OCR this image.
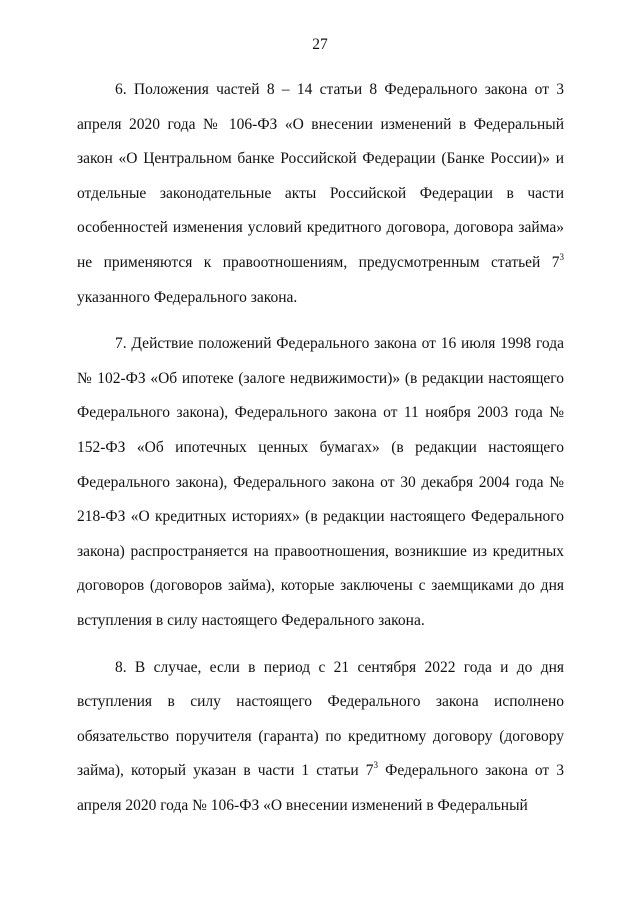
27

6. Положения частей 8 – 14 статьи 8 Федерального закона от 3 апреля 2020 года № 106-ФЗ «О внесении изменений в Федеральный закон «О Центральном банке Российской Федерации (Банке России)» и отдельные законодательные акты Российской Федерации в части особенностей изменения условий кредитного договора, договора займа» не применяются к правоотношениям, предусмотренным статьей $7^3$ указанного Федерального закона.

7. Действие положений Федерального закона от 16 июля 1998 года № 102-ФЗ «Об ипотеке (залоге недвижимости)» (в редакции настоящего Федерального закона), Федерального закона от 11 ноября 2003 года № 152-ФЗ «Об ипотечных ценных бумагах» (в редакции настоящего Федерального закона), Федерального закона от 30 декабря 2004 года № 218-ФЗ «О кредитных историях» (в редакции настоящего Федерального закона) распространяется на правоотношения, возникшие из кредитных договоров (договоров займа), которые заключены с заемщиками до дня вступления в силу настоящего Федерального закона.

8. В случае, если в период с 21 сентября 2022 года и до дня вступления в силу настоящего Федерального закона исполнено обязательство поручителя (гаранта) по кредитному договору (договору займа), который указан в части 1 статьи $7^3$ Федерального закона от 3 апреля 2020 года № 106-ФЗ «О внесении изменений в Федеральный
